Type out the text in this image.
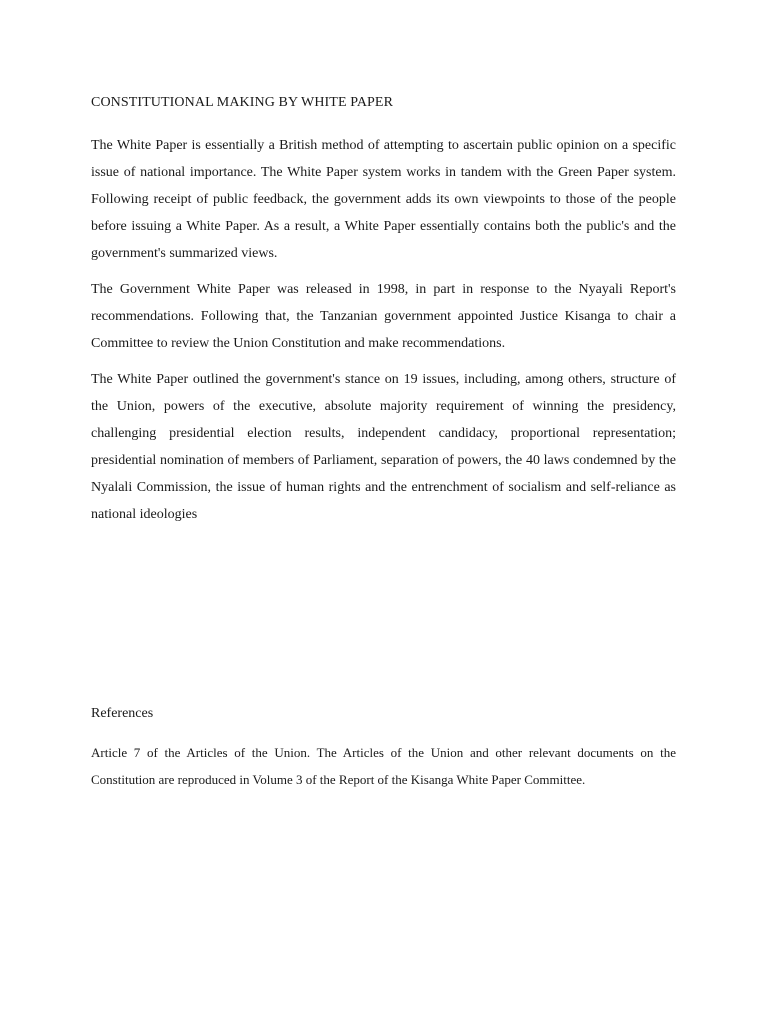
CONSTITUTIONAL MAKING BY WHITE PAPER

The White Paper is essentially a British method of attempting to ascertain public opinion on a specific issue of national importance. The White Paper system works in tandem with the Green Paper system. Following receipt of public feedback, the government adds its own viewpoints to those of the people before issuing a White Paper. As a result, a White Paper essentially contains both the public's and the government's summarized views.

The Government White Paper was released in 1998, in part in response to the Nyayali Report's recommendations. Following that, the Tanzanian government appointed Justice Kisanga to chair a Committee to review the Union Constitution and make recommendations.

The White Paper outlined the government's stance on 19 issues, including, among others, structure of the Union, powers of the executive, absolute majority requirement of winning the presidency, challenging presidential election results, independent candidacy, proportional representation; presidential nomination of members of Parliament, separation of powers, the 40 laws condemned by the Nyalali Commission, the issue of human rights and the entrenchment of socialism and self-reliance as national ideologies

References
Article 7 of the Articles of the Union. The Articles of the Union and other relevant documents on the Constitution are reproduced in Volume 3 of the Report of the Kisanga White Paper Committee.
